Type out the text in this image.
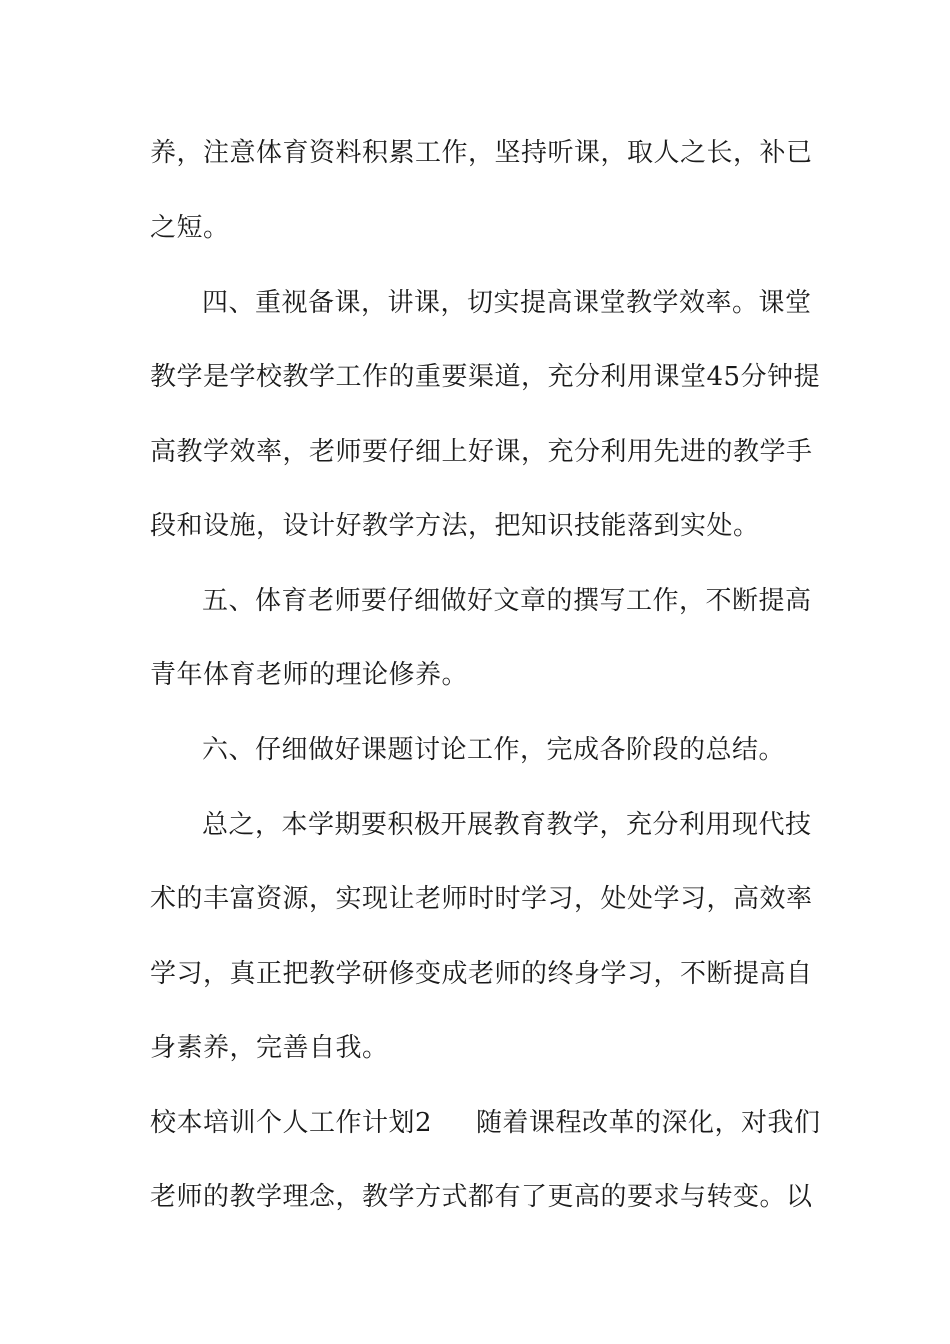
养，注意体育资料积累工作，坚持听课，取人之长，补已
之短。
四、重视备课，讲课，切实提高课堂教学效率。课堂
教学是学校教学工作的重要渠道，充分利用课堂45分钟提
高教学效率，老师要仔细上好课，充分利用先进的教学手
段和设施，设计好教学方法，把知识技能落到实处。
五、体育老师要仔细做好文章的撰写工作，不断提高
青年体育老师的理论修养。
六、仔细做好课题讨论工作，完成各阶段的总结。
总之，本学期要积极开展教育教学，充分利用现代技
术的丰富资源，实现让老师时时学习，处处学习，高效率
学习，真正把教学研修变成老师的终身学习，不断提高自
身素养，完善自我。
校本培训个人工作计划2 随着课程改革的深化，对我们
老师的教学理念，教学方式都有了更高的要求与转变。以
